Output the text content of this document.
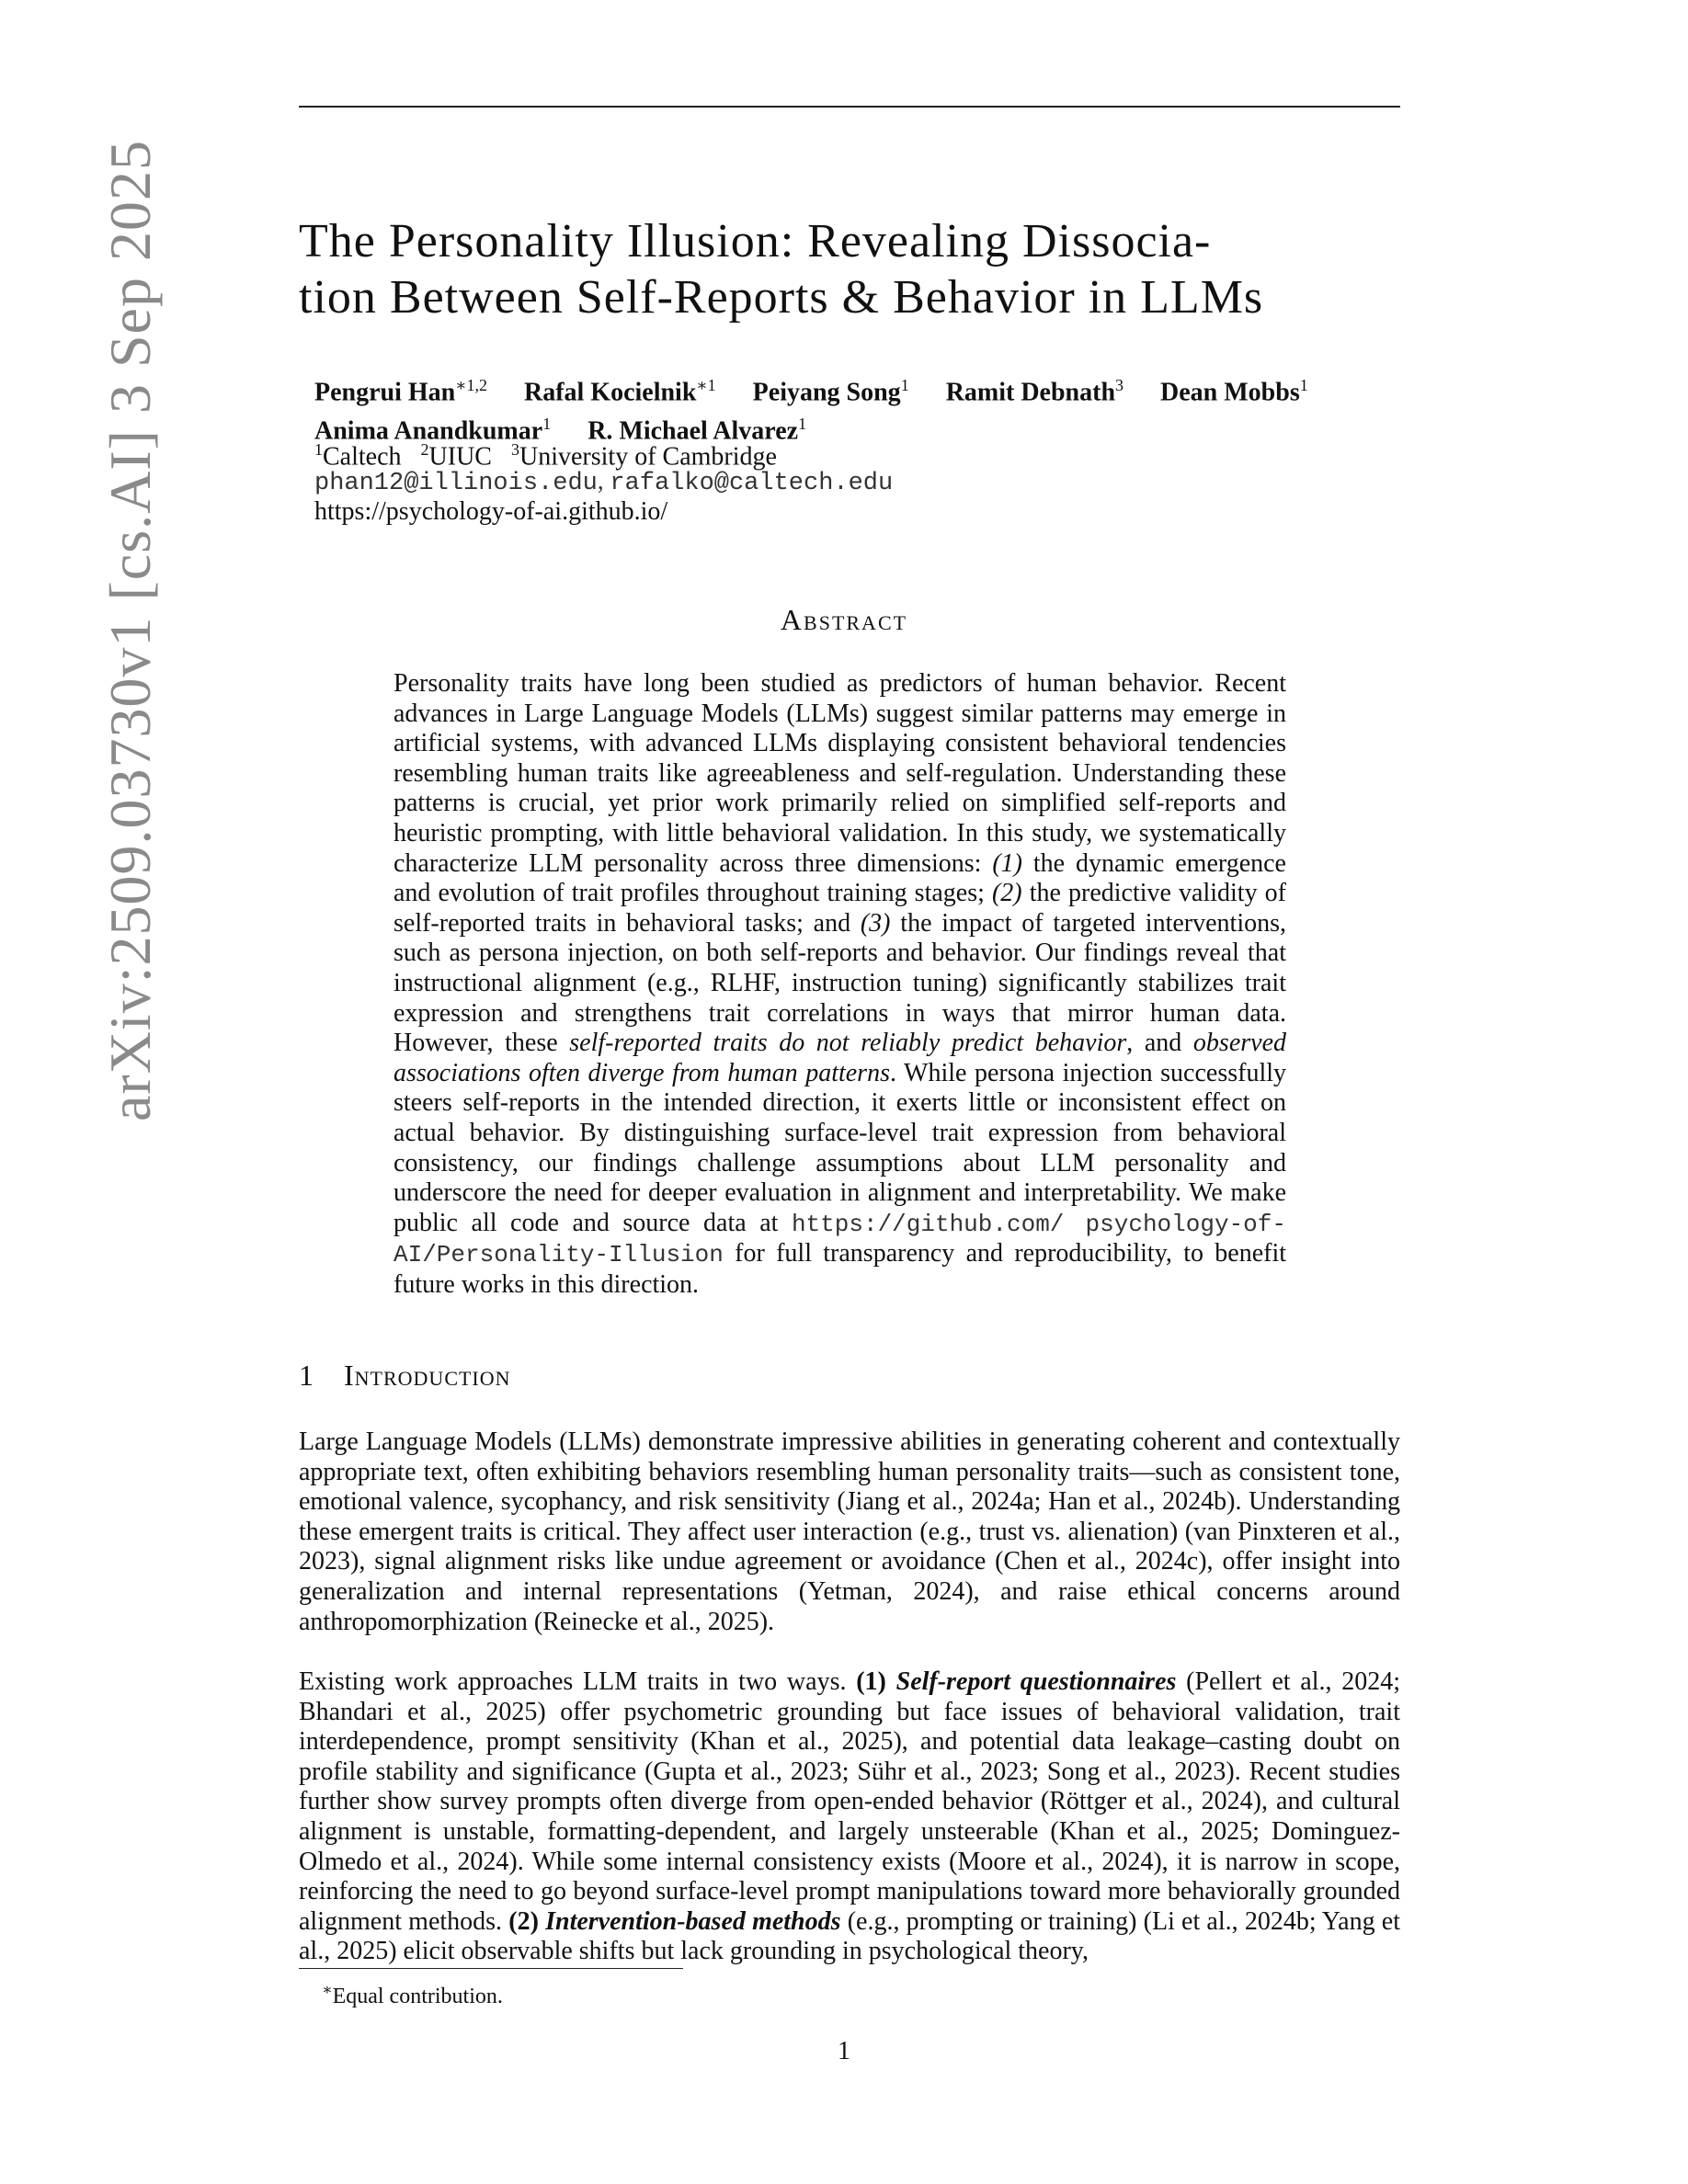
arXiv:2509.03730v1 [cs.AI] 3 Sep 2025	The Personality Illusion: Revealing Dissocia-
tion Between Self-Reports & Behavior in LLMs
Pengrui Han$^{∗1,2}$ Rafal Kocielnik$^{∗1}$ Peiyang Song$^1$ Ramit Debnath$^3$ Dean Mobbs$^1$
Anima Anandkumar$^1$ R. Michael Alvarez$^1$
$^1$Caltech $^2$UIUC $^3$University of Cambridge
phan12@illinois.edu, rafalko@caltech.edu
https://psychology-of-ai.github.io/
Abstract

Personality traits have long been studied as predictors of human behavior. Recent advances in Large Language Models (LLMs) suggest similar patterns may emerge in artificial systems, with advanced LLMs displaying consistent behavioral tendencies resembling human traits like agreeableness and self-regulation. Understanding these patterns is crucial, yet prior work primarily relied on simplified self-reports and heuristic prompting, with little behavioral validation. In this study, we systematically characterize LLM personality across three dimensions: (1) the dynamic emergence and evolution of trait profiles throughout training stages; (2) the predictive validity of self-reported traits in behavioral tasks; and (3) the impact of targeted interventions, such as persona injection, on both self-reports and behavior. Our findings reveal that instructional alignment (e.g., RLHF, instruction tuning) significantly stabilizes trait expression and strengthens trait correlations in ways that mirror human data. However, these self-reported traits do not reliably predict behavior, and observed associations often diverge from human patterns. While persona injection successfully steers self-reports in the intended direction, it exerts little or inconsistent effect on actual behavior. By distinguishing surface-level trait expression from behavioral consistency, our findings challenge assumptions about LLM personality and underscore the need for deeper evaluation in alignment and interpretability. We make public all code and source data at https://github.com/ psychology-of-AI/Personality-Illusion for full transparency and reproducibility, to benefit future works in this direction.

1 Introduction

Large Language Models (LLMs) demonstrate impressive abilities in generating coherent and contextually appropriate text, often exhibiting behaviors resembling human personality traits—such as consistent tone, emotional valence, sycophancy, and risk sensitivity (Jiang et al., 2024a; Han et al., 2024b). Understanding these emergent traits is critical. They affect user interaction (e.g., trust vs. alienation) (van Pinxteren et al., 2023), signal alignment risks like undue agreement or avoidance (Chen et al., 2024c), offer insight into generalization and internal representations (Yetman, 2024), and raise ethical concerns around anthropomorphization (Reinecke et al., 2025).

Existing work approaches LLM traits in two ways. (1) Self-report questionnaires (Pellert et al., 2024; Bhandari et al., 2025) offer psychometric grounding but face issues of behavioral validation, trait interdependence, prompt sensitivity (Khan et al., 2025), and potential data leakage–casting doubt on profile stability and significance (Gupta et al., 2023; Sühr et al., 2023; Song et al., 2023). Recent studies further show survey prompts often diverge from open-ended behavior (Röttger et al., 2024), and cultural alignment is unstable, formatting-dependent, and largely unsteerable (Khan et al., 2025; Dominguez-Olmedo et al., 2024). While some internal consistency exists (Moore et al., 2024), it is narrow in scope, reinforcing the need to go beyond surface-level prompt manipulations toward more behaviorally grounded alignment methods. (2) Intervention-based methods (e.g., prompting or training) (Li et al., 2024b; Yang et al., 2025) elicit observable shifts but lack grounding in psychological theory,

∗Equal contribution.
1
